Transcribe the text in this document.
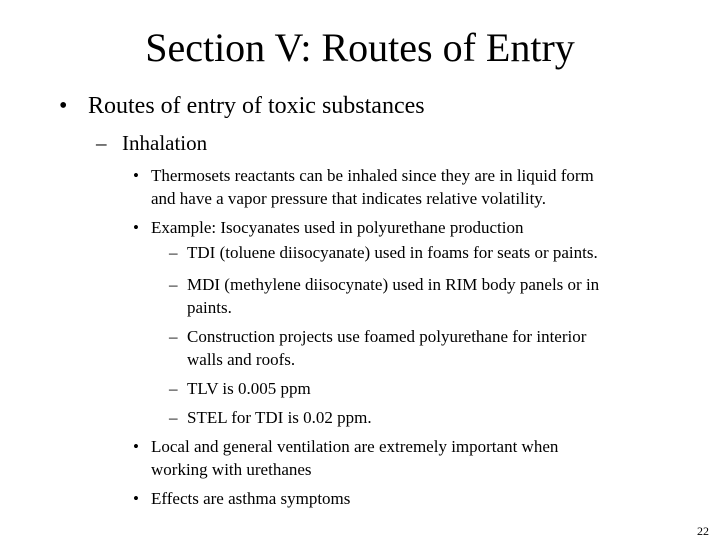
Section V: Routes of Entry
• Routes of entry of toxic substances
– Inhalation
• Thermosets reactants can be inhaled since they are in liquid form
and have a vapor pressure that indicates relative volatility.
• Example: Isocyanates used in polyurethane production
– TDI (toluene diisocyanate) used in foams for seats or paints.
– MDI (methylene diisocynate) used in RIM body panels or in
paints.
– Construction projects use foamed polyurethane for interior
walls and roofs.
– TLV is 0.005 ppm
– STEL for TDI is 0.02 ppm.
• Local and general ventilation are extremely important when
working with urethanes
• Effects are asthma symptoms
22
